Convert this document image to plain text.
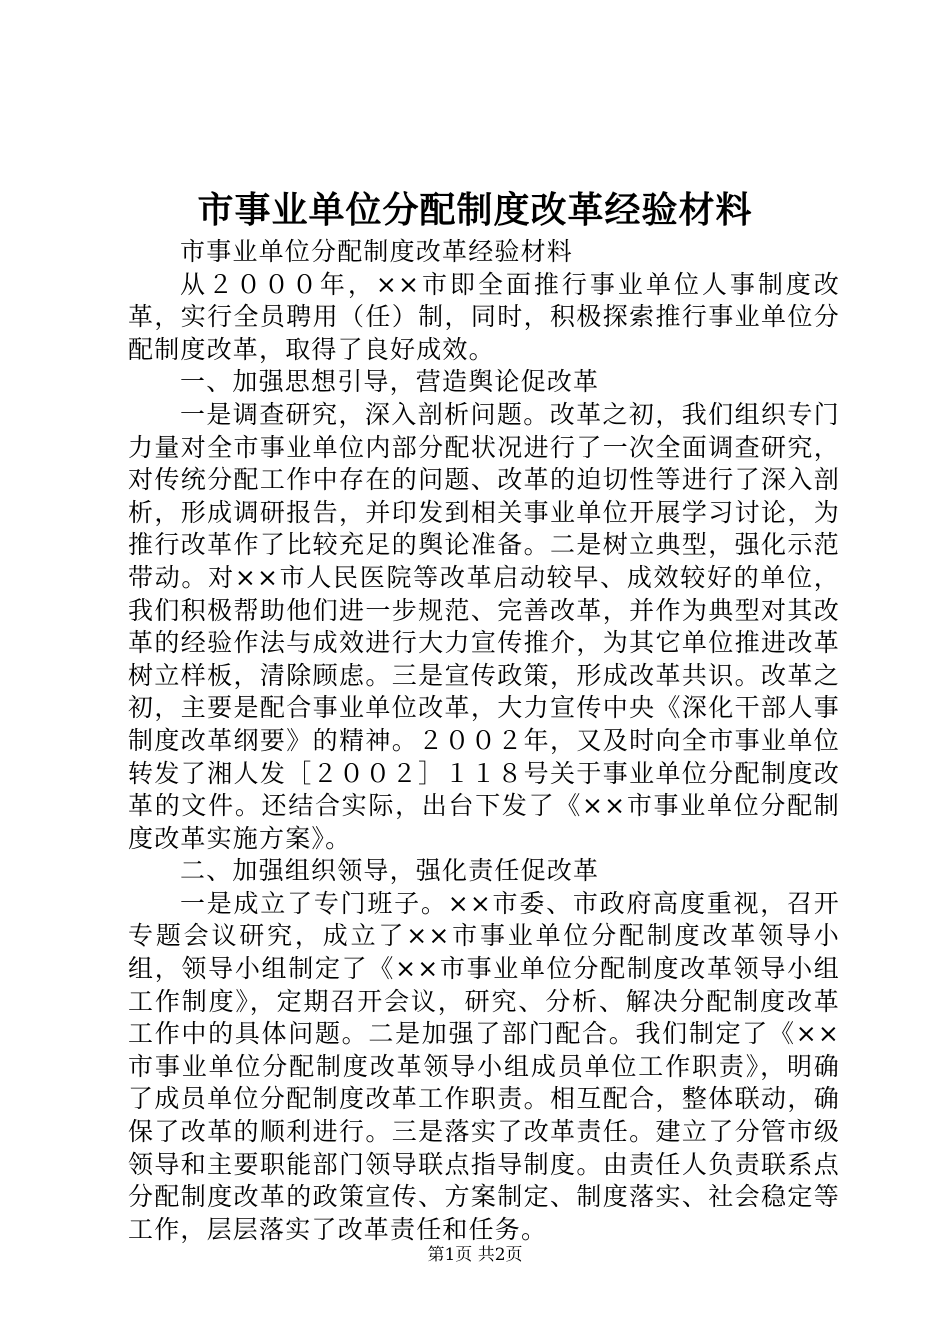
市事业单位分配制度改革经验材料

市事业单位分配制度改革经验材料

从２０００年，××市即全面推行事业单位人事制度改革，实行全员聘用（任）制，同时，积极探索推行事业单位分配制度改革，取得了良好成效。

一、加强思想引导，营造舆论促改革

一是调查研究，深入剖析问题。改革之初，我们组织专门力量对全市事业单位内部分配状况进行了一次全面调查研究，对传统分配工作中存在的问题、改革的迫切性等进行了深入剖析，形成调研报告，并印发到相关事业单位开展学习讨论，为推行改革作了比较充足的舆论准备。二是树立典型，强化示范带动。对××市人民医院等改革启动较早、成效较好的单位，我们积极帮助他们进一步规范、完善改革，并作为典型对其改革的经验作法与成效进行大力宣传推介，为其它单位推进改革树立样板，清除顾虑。三是宣传政策，形成改革共识。改革之初，主要是配合事业单位改革，大力宣传中央《深化干部人事制度改革纲要》的精神。２００２年，又及时向全市事业单位转发了湘人发［２００２］１１８号关于事业单位分配制度改革的文件。还结合实际，出台下发了《××市事业单位分配制度改革实施方案》。

二、加强组织领导，强化责任促改革

一是成立了专门班子。××市委、市政府高度重视，召开专题会议研究，成立了××市事业单位分配制度改革领导小组，领导小组制定了《××市事业单位分配制度改革领导小组工作制度》，定期召开会议，研究、分析、解决分配制度改革工作中的具体问题。二是加强了部门配合。我们制定了《××市事业单位分配制度改革领导小组成员单位工作职责》，明确了成员单位分配制度改革工作职责。相互配合，整体联动，确保了改革的顺利进行。三是落实了改革责任。建立了分管市级领导和主要职能部门领导联点指导制度。由责任人负责联系点分配制度改革的政策宣传、方案制定、制度落实、社会稳定等工作，层层落实了改革责任和任务。

第1页 共2页
